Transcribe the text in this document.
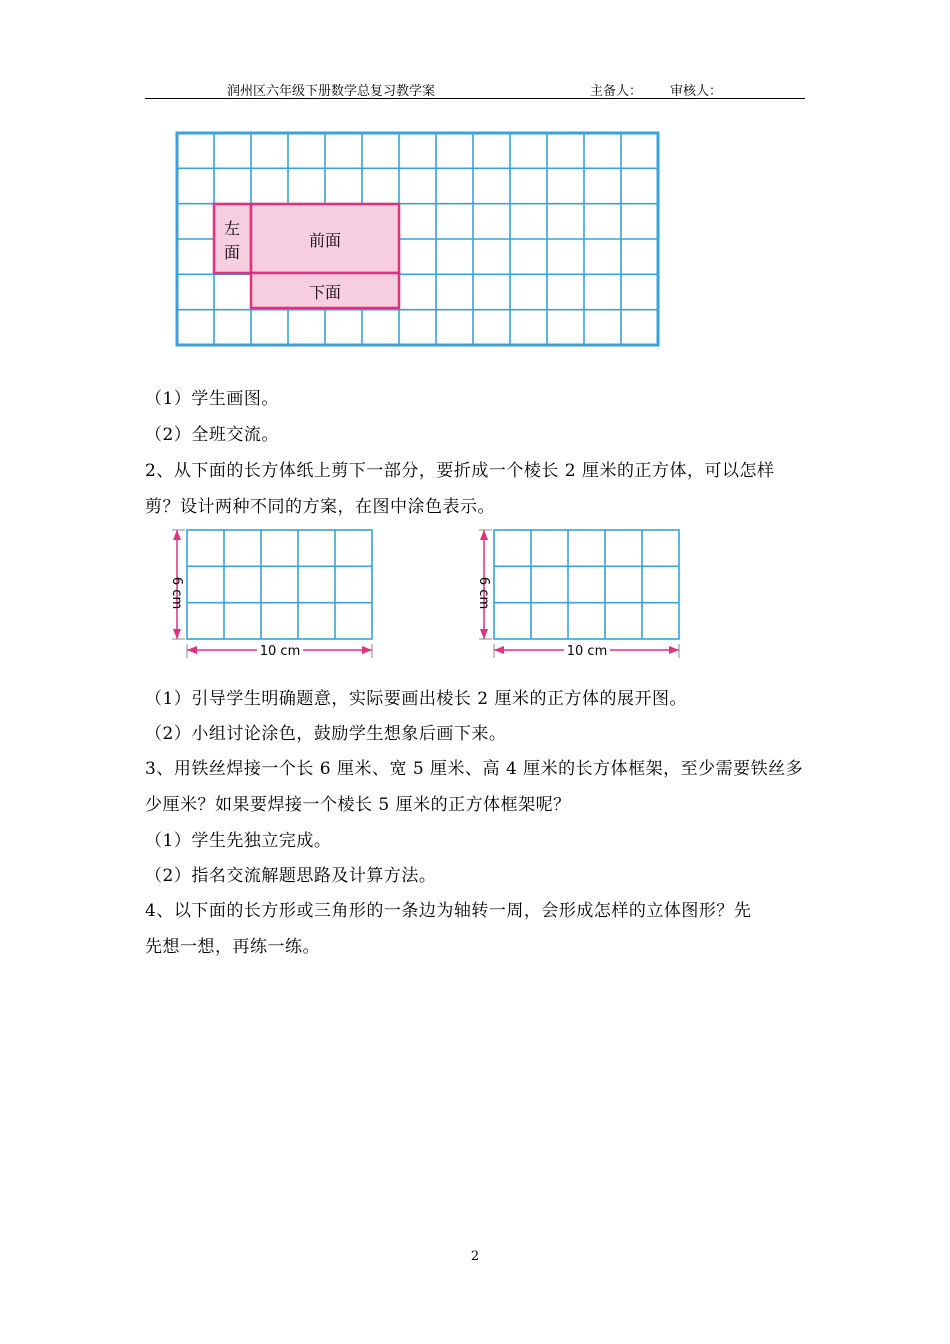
润州区六年级下册数学总复习教学案	主备人： 审核人：
左
面
前面
下面
（1）学生画图。
（2）全班交流。
2、从下面的长方体纸上剪下一部分，要折成一个棱长 2 厘米的正方体，可以怎样
剪？设计两种不同的方案，在图中涂色表示。
6 cm
10 cm
6 cm
10 cm
（1）引导学生明确题意，实际要画出棱长 2 厘米的正方体的展开图。
（2）小组讨论涂色，鼓励学生想象后画下来。
3、用铁丝焊接一个长 6 厘米、宽 5 厘米、高 4 厘米的长方体框架，至少需要铁丝多
少厘米？如果要焊接一个棱长 5 厘米的正方体框架呢？
（1）学生先独立完成。
（2）指名交流解题思路及计算方法。
4、以下面的长方形或三角形的一条边为轴转一周，会形成怎样的立体图形？先
先想一想，再练一练。
2
